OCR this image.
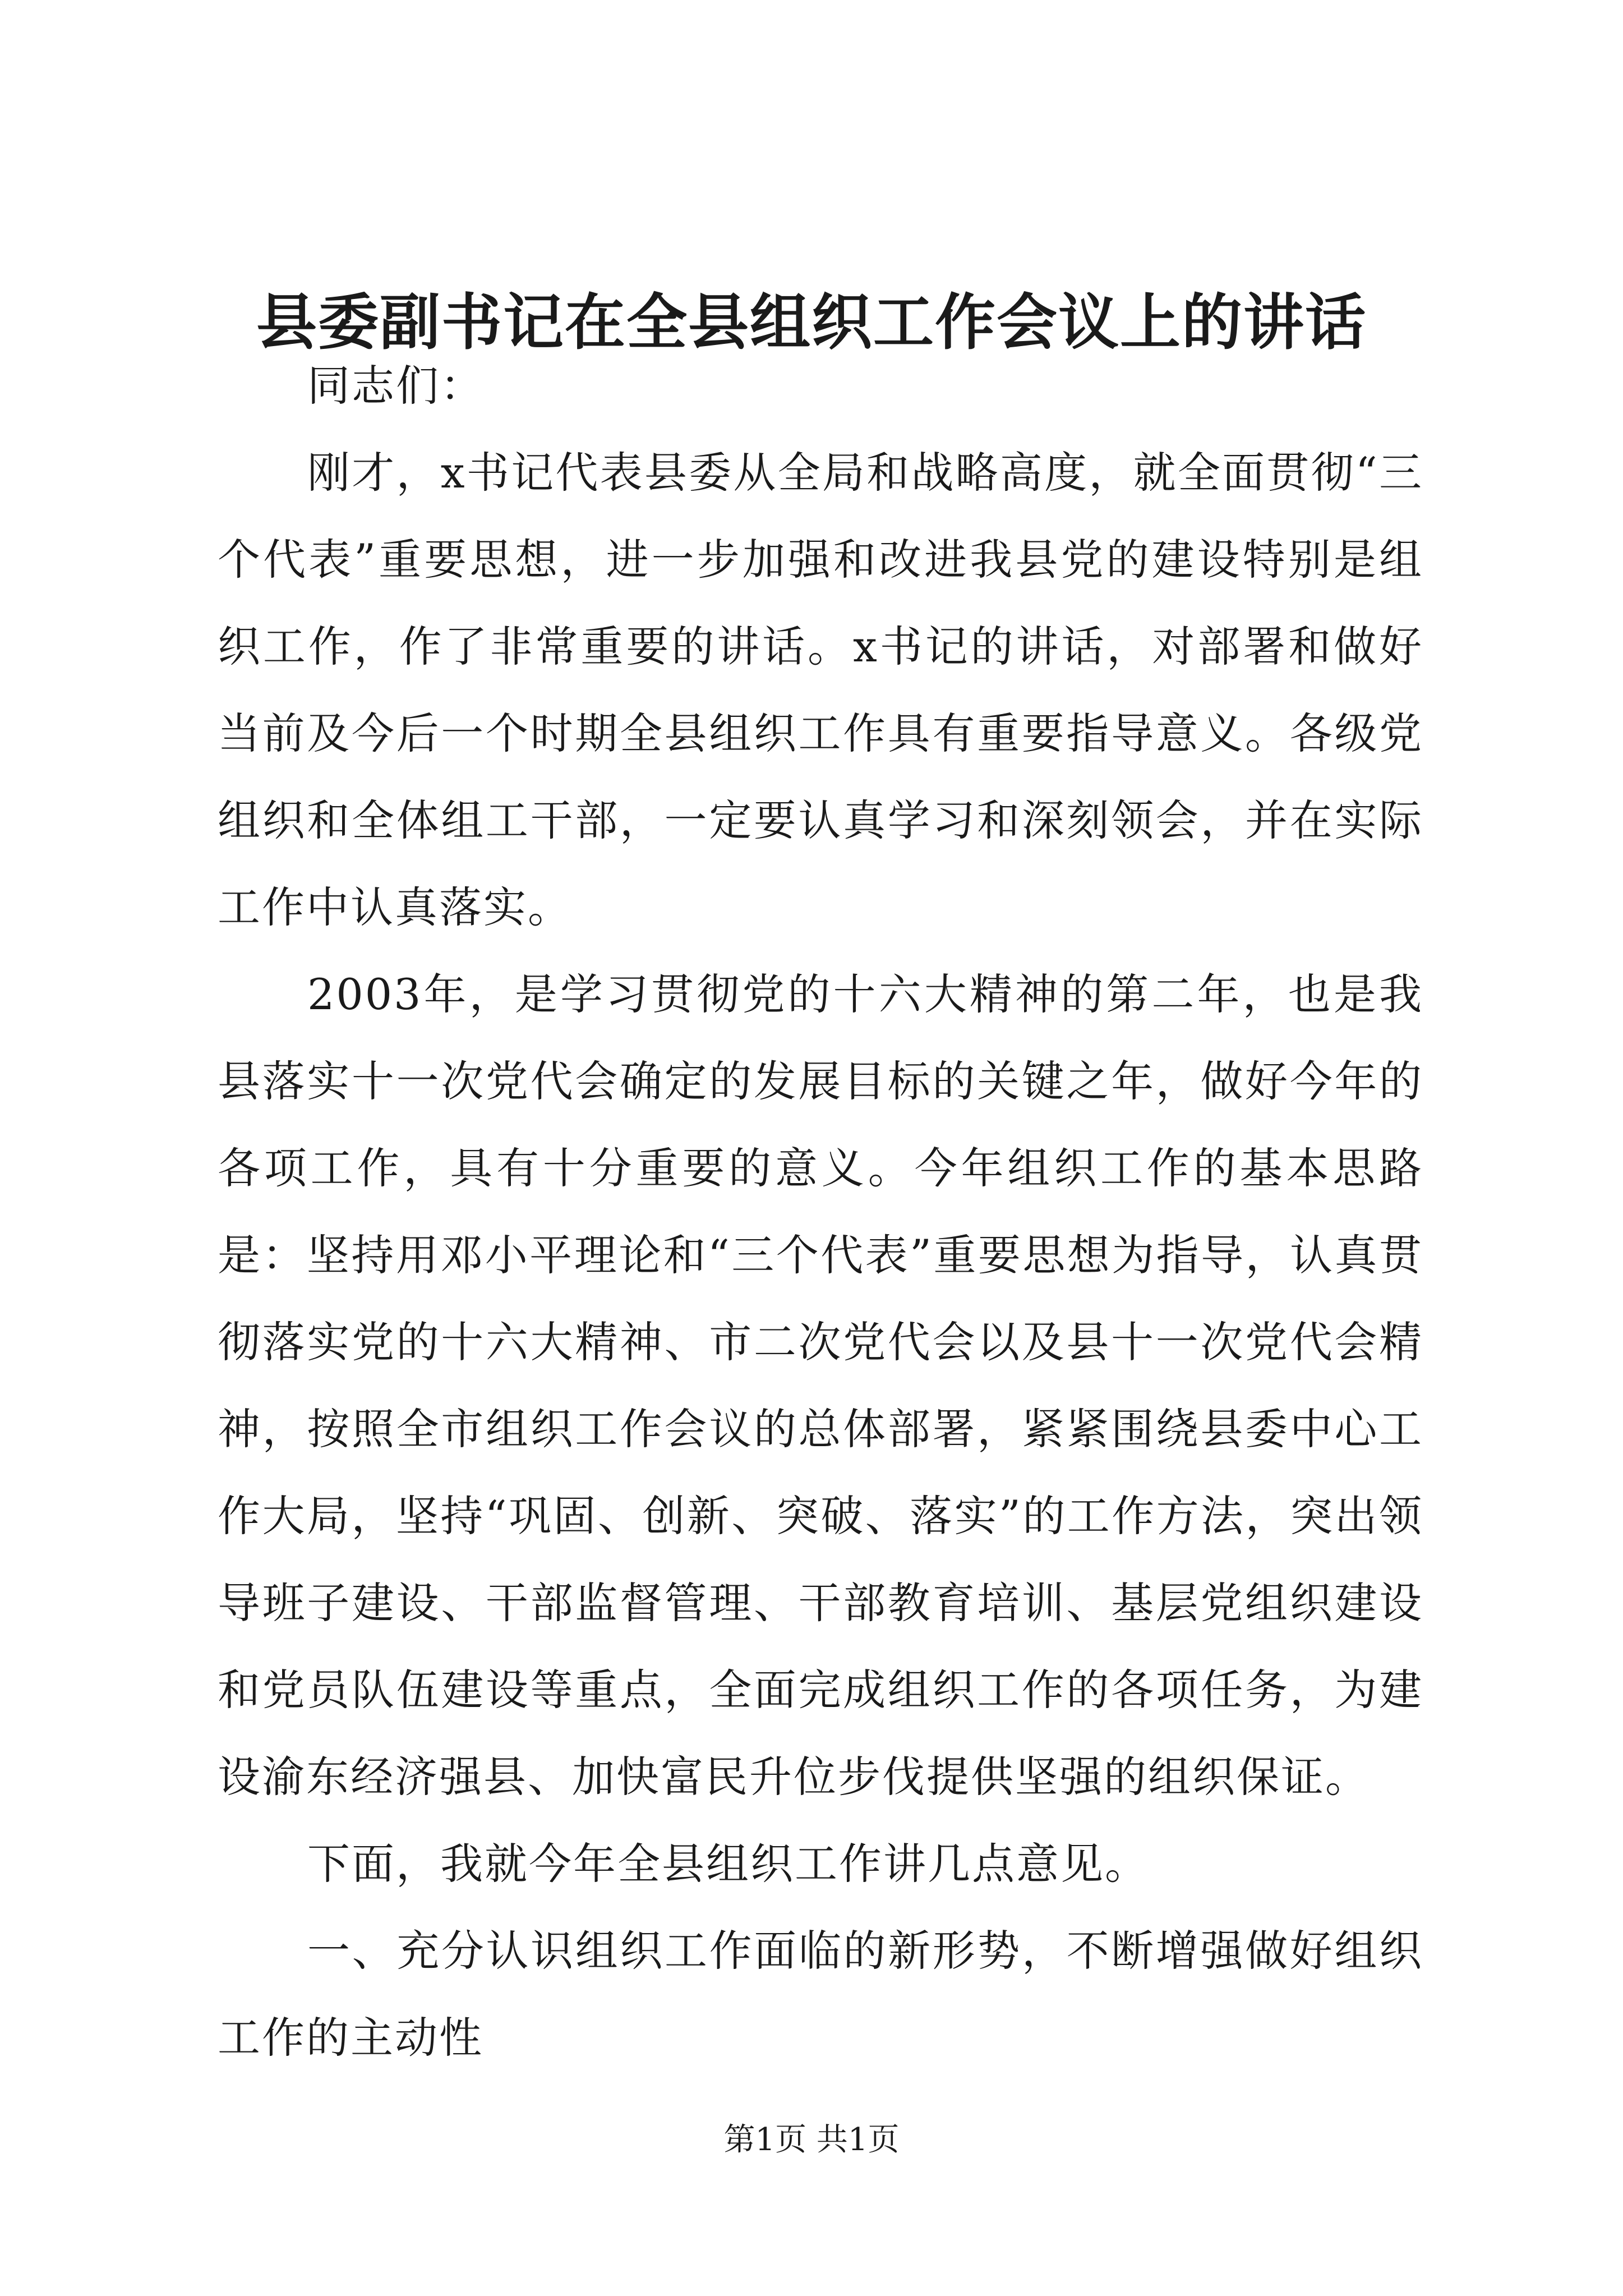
县委副书记在全县组织工作会议上的讲话

同志们：

刚才，x书记代表县委从全局和战略高度，就全面贯彻“三个代表”重要思想，进一步加强和改进我县党的建设特别是组织工作，作了非常重要的讲话。x书记的讲话，对部署和做好当前及今后一个时期全县组织工作具有重要指导意义。各级党组织和全体组工干部，一定要认真学习和深刻领会，并在实际工作中认真落实。

2003年，是学习贯彻党的十六大精神的第二年，也是我县落实十一次党代会确定的发展目标的关键之年，做好今年的各项工作，具有十分重要的意义。今年组织工作的基本思路是：坚持用邓小平理论和“三个代表”重要思想为指导，认真贯彻落实党的十六大精神、市二次党代会以及县十一次党代会精神，按照全市组织工作会议的总体部署，紧紧围绕县委中心工作大局，坚持“巩固、创新、突破、落实”的工作方法，突出领导班子建设、干部监督管理、干部教育培训、基层党组织建设和党员队伍建设等重点，全面完成组织工作的各项任务，为建设渝东经济强县、加快富民升位步伐提供坚强的组织保证。

下面，我就今年全县组织工作讲几点意见。

一、充分认识组织工作面临的新形势，不断增强做好组织工作的主动性

第1页 共1页
